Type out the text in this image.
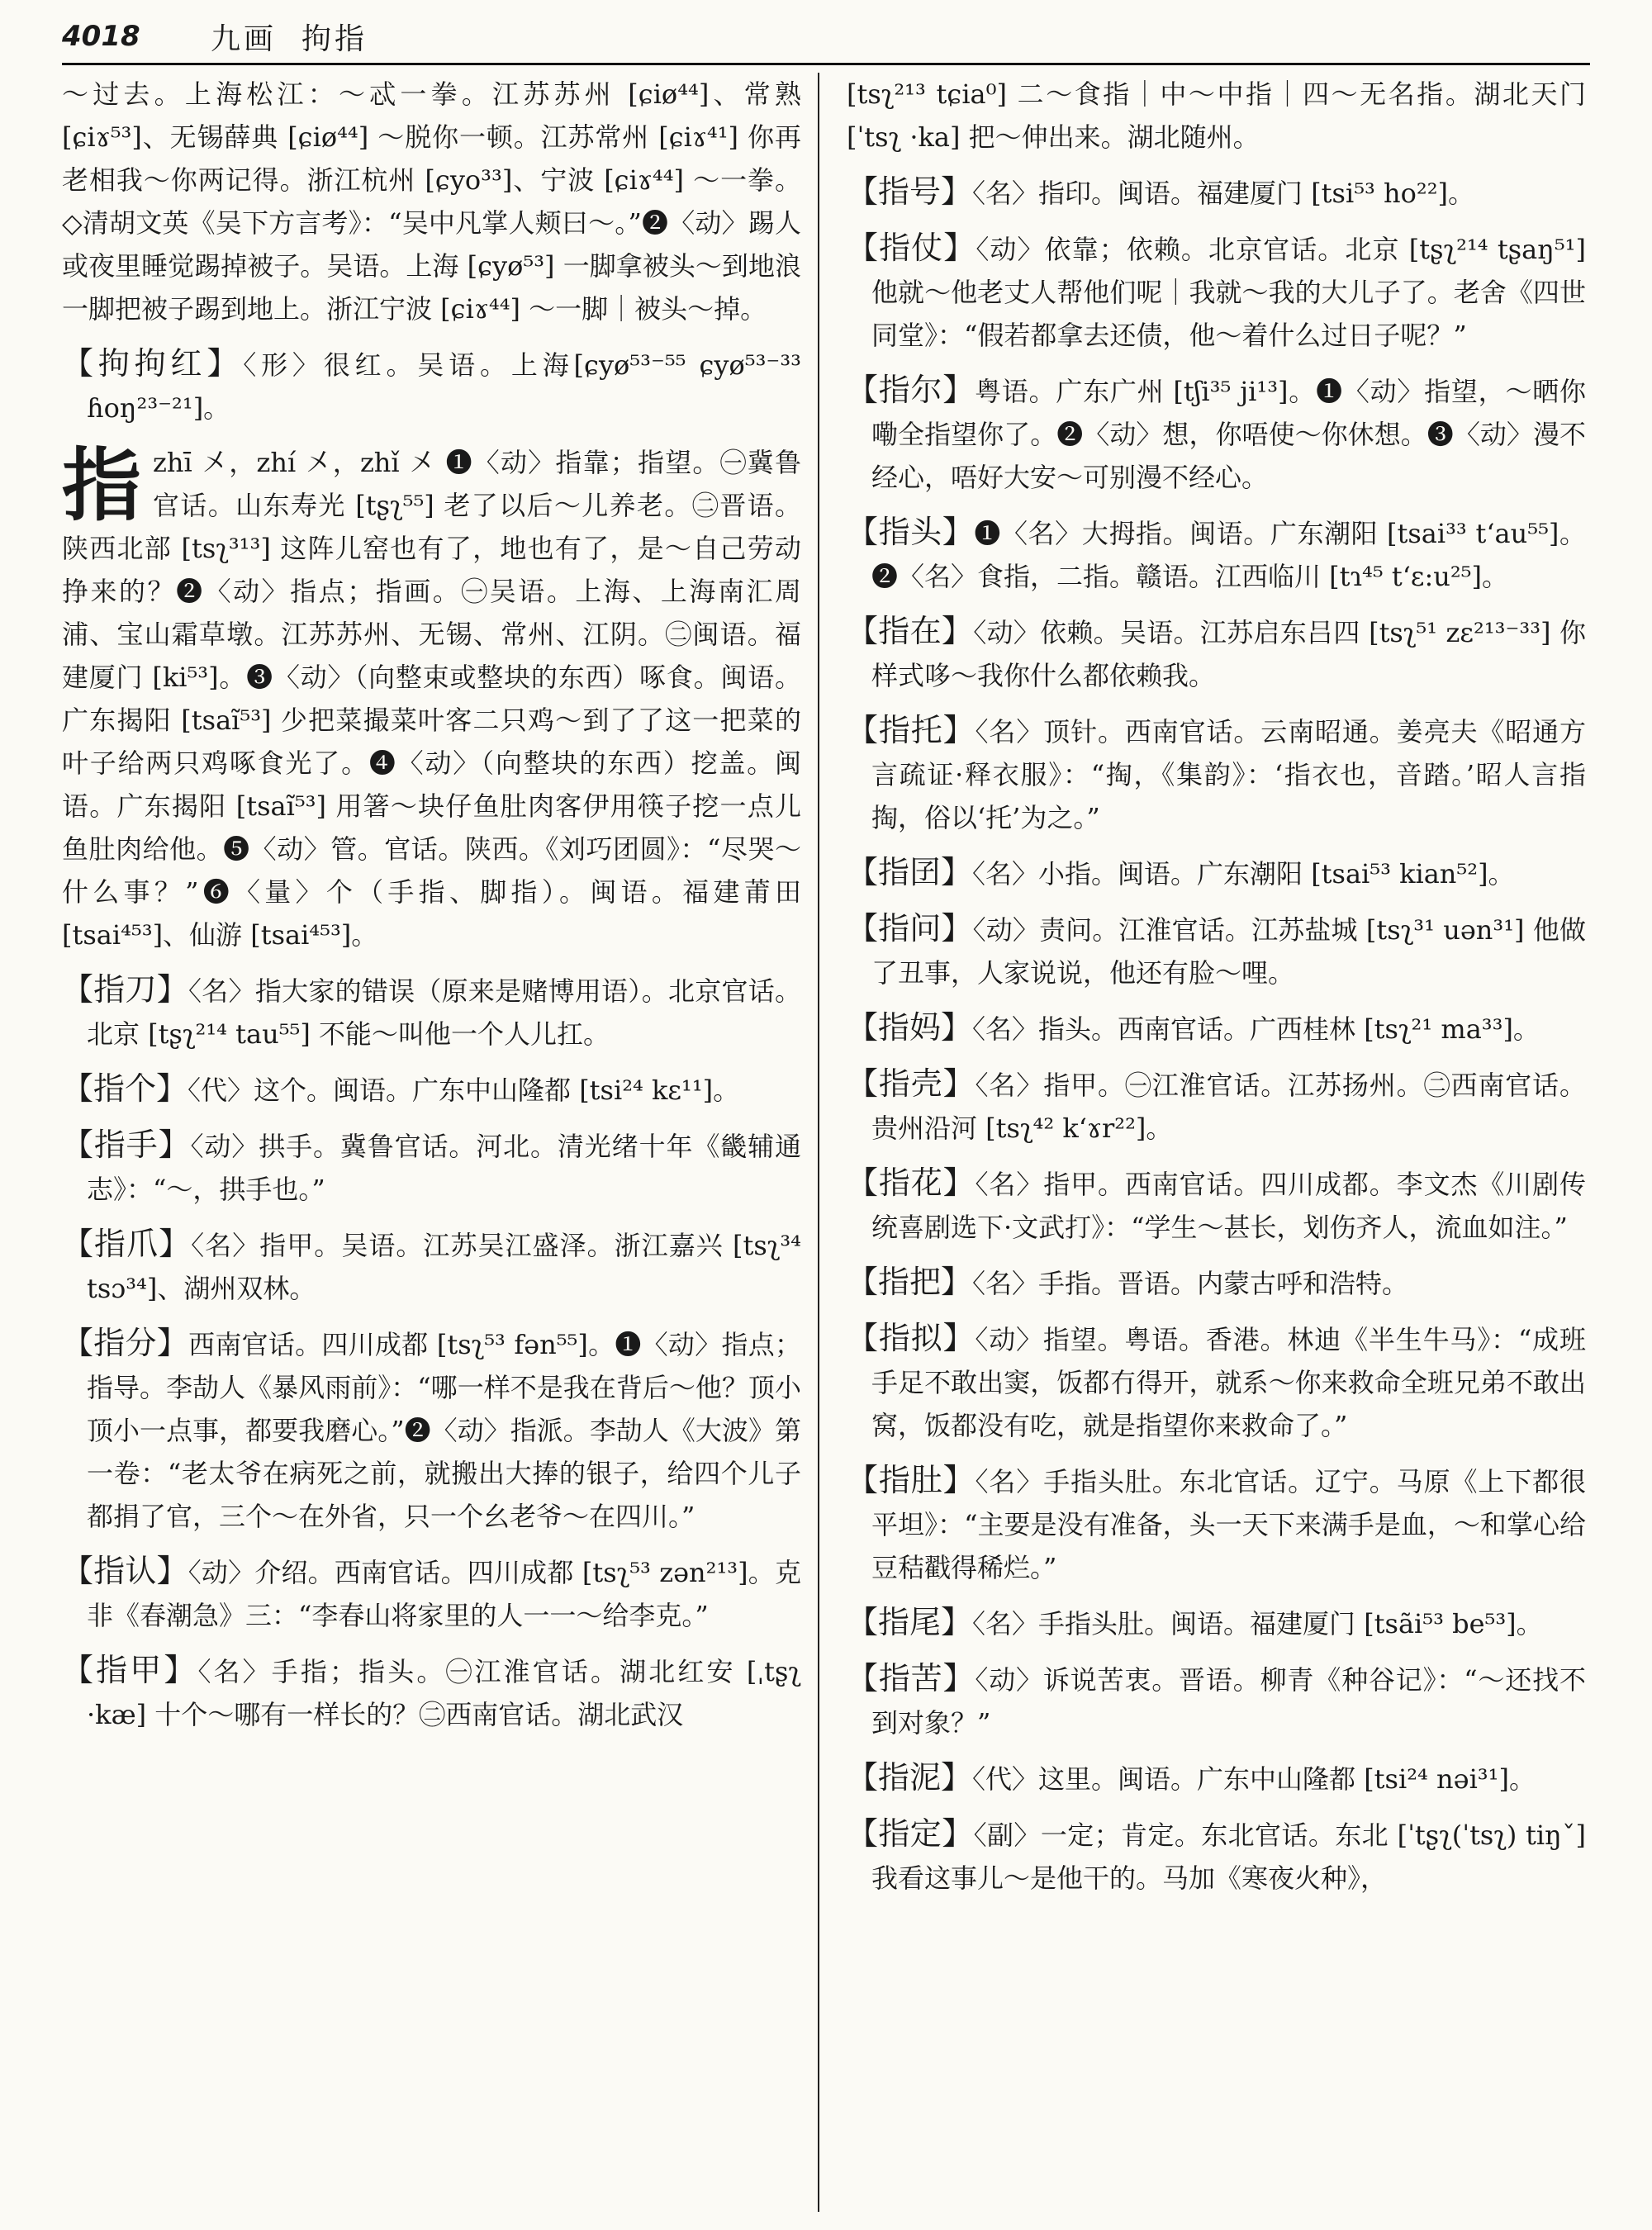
4018	九画 拘指

～过去。上海松江：～忒一拳。江苏苏州 [ɕiø⁴⁴]、常熟 [ɕiɤ⁵³]、无锡薛典 [ɕiø⁴⁴] ～脱你一顿。江苏常州 [ɕiɤ⁴¹] 你再老相我～你两记得。浙江杭州 [ɕyo³³]、宁波 [ɕiɤ⁴⁴] ～一拳。◇清胡文英《吴下方言考》：“吴中凡掌人颊曰～。”❷〈动〉踢人或夜里睡觉踢掉被子。吴语。上海 [ɕyø⁵³] 一脚拿被头～到地浪一脚把被子踢到地上。浙江宁波 [ɕiɤ⁴⁴] ～一脚｜被头～掉。

【拘拘红】〈形〉很红。吴语。上海[ɕyø⁵³⁻⁵⁵ ɕyø⁵³⁻³³ ɦoŋ²³⁻²¹]。

指zhī 㐅，zhí 㐅，zhǐ 㐅 ❶〈动〉指靠；指望。㊀冀鲁官话。山东寿光 [tʂʅ⁵⁵] 老了以后～儿养老。㊁晋语。陕西北部 [tsʅ³¹³] 这阵儿窑也有了，地也有了，是～自己劳动挣来的？❷〈动〉指点；指画。㊀吴语。上海、上海南汇周浦、宝山霜草墩。江苏苏州、无锡、常州、江阴。㊁闽语。福建厦门 [ki⁵³]。❸〈动〉（向整束或整块的东西）啄食。闽语。广东揭阳 [tsaĩ⁵³] 少把菜撮菜叶客二只鸡～到了了这一把菜的叶子给两只鸡啄食光了。❹〈动〉（向整块的东西）挖盖。闽语。广东揭阳 [tsaĩ⁵³] 用箸～块仔鱼肚肉客伊用筷子挖一点儿鱼肚肉给他。❺〈动〉管。官话。陕西。《刘巧团圆》：“尽哭～什么事？”❻〈量〉个（手指、脚指）。闽语。福建莆田 [tsai⁴⁵³]、仙游 [tsai⁴⁵³]。

【指刀】〈名〉指大家的错误（原来是赌博用语）。北京官话。北京 [tʂʅ²¹⁴ tau⁵⁵] 不能～叫他一个人儿扛。

【指个】〈代〉这个。闽语。广东中山隆都 [tsi²⁴ kɛ¹¹]。

【指手】〈动〉拱手。冀鲁官话。河北。清光绪十年《畿辅通志》：“～，拱手也。”

【指爪】〈名〉指甲。吴语。江苏吴江盛泽。浙江嘉兴 [tsʅ³⁴ tsɔ³⁴]、湖州双林。

【指分】西南官话。四川成都 [tsʅ⁵³ fən⁵⁵]。❶〈动〉指点；指导。李劼人《暴风雨前》：“哪一样不是我在背后～他？顶小顶小一点事，都要我磨心。”❷〈动〉指派。李劼人《大波》第一卷：“老太爷在病死之前，就搬出大捧的银子，给四个儿子都捐了官，三个～在外省，只一个幺老爷～在四川。”

【指认】〈动〉介绍。西南官话。四川成都 [tsʅ⁵³ zən²¹³]。克非《春潮急》三：“李春山将家里的人一一～给李克。”

【指甲】〈名〉手指；指头。㊀江淮官话。湖北红安 [ˌtʂʅ ·kæ] 十个～哪有一样长的？㊁西南官话。湖北武汉

[tsʅ²¹³ tɕia⁰] 二～食指｜中～中指｜四～无名指。湖北天门 [ˈtsʅ ·ka] 把～伸出来。湖北随州。

【指号】〈名〉指印。闽语。福建厦门 [tsi⁵³ ho²²]。

【指仗】〈动〉依靠；依赖。北京官话。北京 [tʂʅ²¹⁴ tʂaŋ⁵¹] 他就～他老丈人帮他们呢｜我就～我的大儿子了。老舍《四世同堂》：“假若都拿去还债，他～着什么过日子呢？”

【指尔】粤语。广东广州 [tʃi³⁵ ji¹³]。❶〈动〉指望，～晒你嘞全指望你了。❷〈动〉想，你唔使～你休想。❸〈动〉漫不经心，唔好大安～可别漫不经心。

【指头】❶〈名〉大拇指。闽语。广东潮阳 [tsai³³ tʻau⁵⁵]。❷〈名〉食指，二指。赣语。江西临川 [tɿ⁴⁵ tʻɛ:u²⁵]。

【指在】〈动〉依赖。吴语。江苏启东吕四 [tsʅ⁵¹ zɛ²¹³⁻³³] 你样式哆～我你什么都依赖我。

【指托】〈名〉顶针。西南官话。云南昭通。姜亮夫《昭通方言疏证·释衣服》：“掏，《集韵》：‘指衣也，音踏。’昭人言指掏，俗以‘托’为之。”

【指囝】〈名〉小指。闽语。广东潮阳 [tsai⁵³ kian⁵²]。

【指问】〈动〉责问。江淮官话。江苏盐城 [tsʅ³¹ uən³¹] 他做了丑事，人家说说，他还有脸～哩。

【指妈】〈名〉指头。西南官话。广西桂林 [tsʅ²¹ ma³³]。

【指壳】〈名〉指甲。㊀江淮官话。江苏扬州。㊁西南官话。贵州沿河 [tsʅ⁴² kʻɤr²²]。

【指花】〈名〉指甲。西南官话。四川成都。李文杰《川剧传统喜剧选下·文武打》：“学生～甚长，划伤齐人，流血如注。”

【指把】〈名〉手指。晋语。内蒙古呼和浩特。

【指拟】〈动〉指望。粤语。香港。林迪《半生牛马》：“成班手足不敢出窦，饭都冇得开，就系～你来救命全班兄弟不敢出窝，饭都没有吃，就是指望你来救命了。”

【指肚】〈名〉手指头肚。东北官话。辽宁。马原《上下都很平坦》：“主要是没有准备，头一天下来满手是血，～和掌心给豆秸戳得稀烂。”

【指尾】〈名〉手指头肚。闽语。福建厦门 [tsãi⁵³ be⁵³]。

【指苦】〈动〉诉说苦衷。晋语。柳青《种谷记》：“～还找不到对象？”

【指泥】〈代〉这里。闽语。广东中山隆都 [tsi²⁴ nəi³¹]。

【指定】〈副〉一定；肯定。东北官话。东北 [ˈtʂʅ(ˈtsʅ) tiŋˇ] 我看这事儿～是他干的。马加《寒夜火种》，
